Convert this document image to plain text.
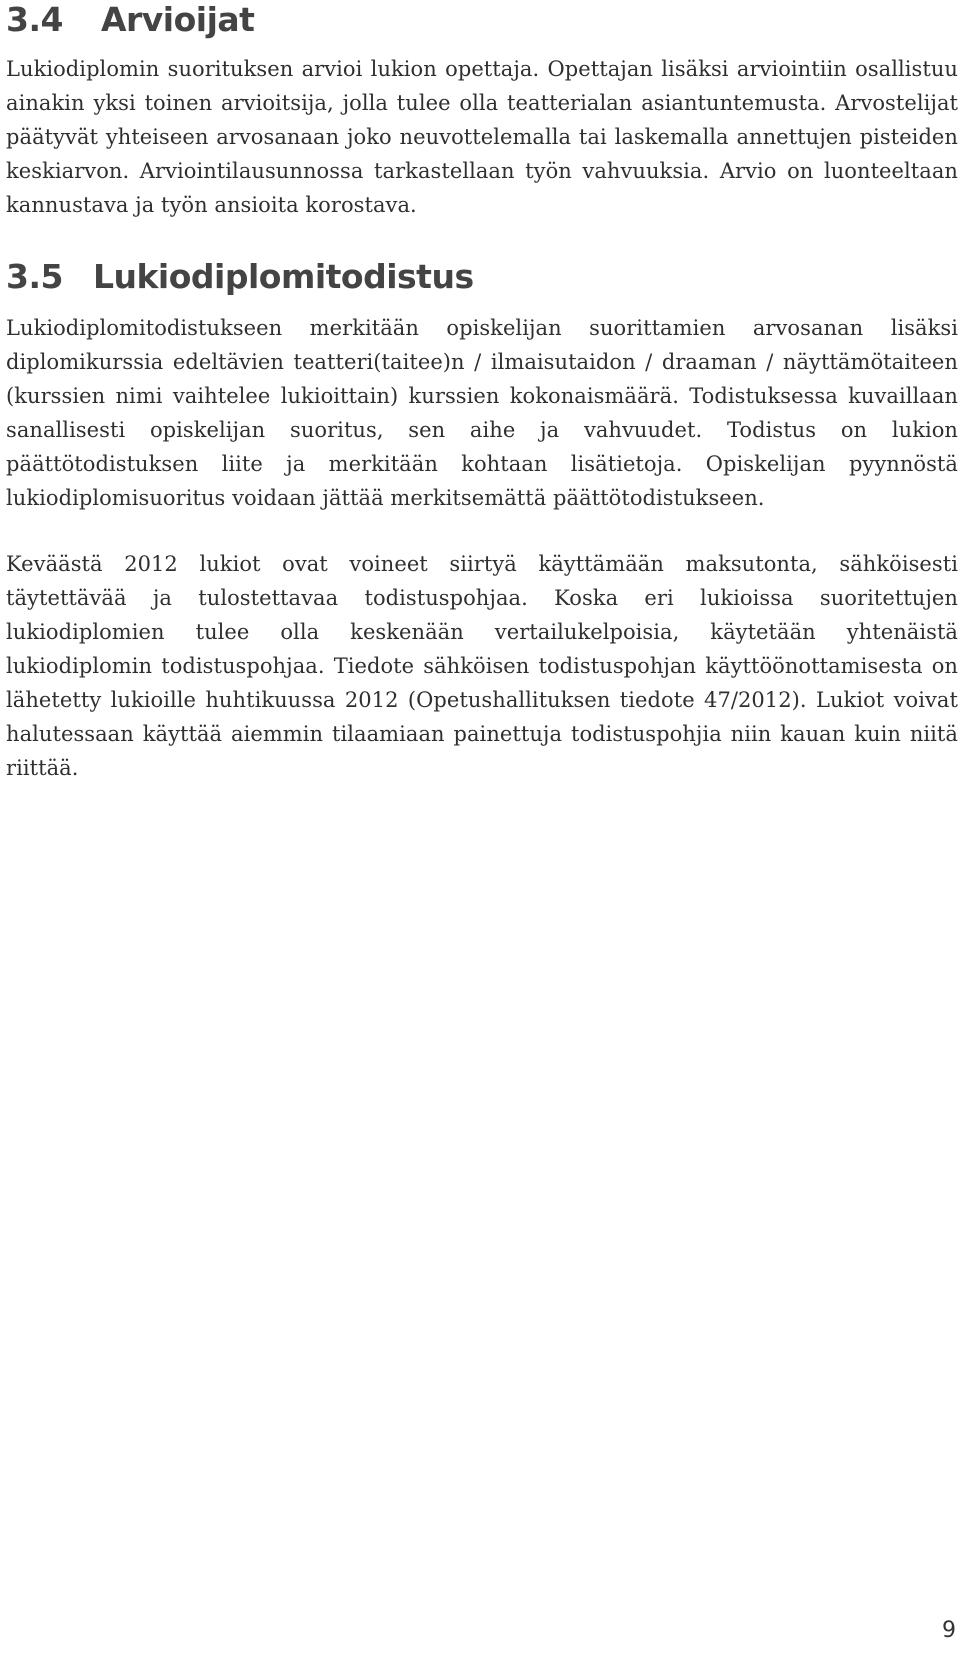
3.4 Arvioijat

Lukiodiplomin suorituksen arvioi lukion opettaja. Opettajan lisäksi arviointiin osallistuu ainakin yksi toinen arvioitsija, jolla tulee olla teatterialan asiantuntemusta. Arvostelijat päätyvät yhteiseen arvosanaan joko neuvottelemalla tai laskemalla annettujen pisteiden keskiarvon. Arviointilausunnossa tarkastellaan työn vahvuuksia. Arvio on luonteeltaan kannustava ja työn ansioita korostava.

3.5 Lukiodiplomitodistus

Lukiodiplomitodistukseen merkitään opiskelijan suorittamien arvosanan lisäksi diplomikurssia edeltävien teatteri(taitee)n / ilmaisutaidon / draaman / näyttämötaiteen (kurssien nimi vaihtelee lukioittain) kurssien kokonaismäärä. Todistuksessa kuvaillaan sanallisesti opiskelijan suoritus, sen aihe ja vahvuudet. Todistus on lukion päättötodistuksen liite ja merkitään kohtaan lisätietoja. Opiskelijan pyynnöstä lukiodiplomisuoritus voidaan jättää merkitsemättä päättötodistukseen.

Keväästä 2012 lukiot ovat voineet siirtyä käyttämään maksutonta, sähköisesti täytettävää ja tulostettavaa todistuspohjaa. Koska eri lukioissa suoritettujen lukiodiplomien tulee olla keskenään vertailukelpoisia, käytetään yhtenäistä lukiodiplomin todistuspohjaa. Tiedote sähköisen todistuspohjan käyttöönottamisesta on lähetetty lukioille huhtikuussa 2012 (Opetushallituksen tiedote 47/2012). Lukiot voivat halutessaan käyttää aiemmin tilaamiaan painettuja todistuspohjia niin kauan kuin niitä riittää.

9
